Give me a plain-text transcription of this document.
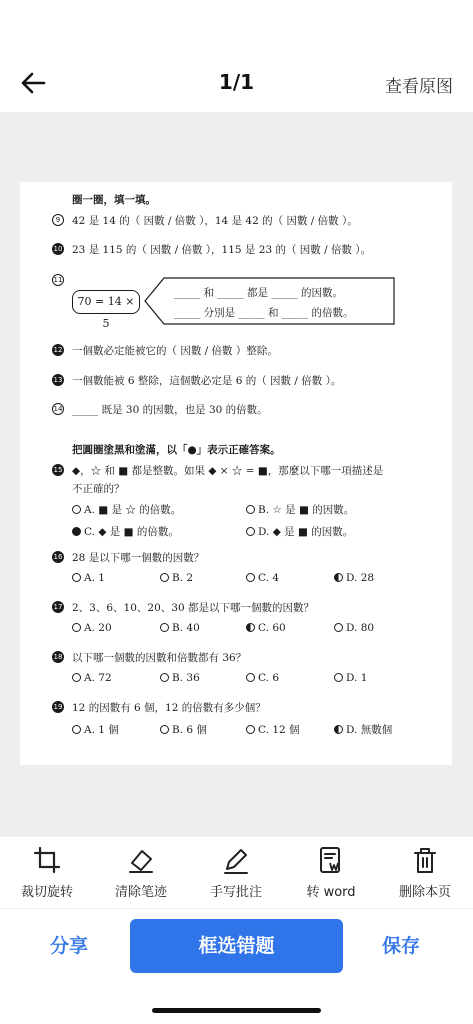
1/1	查看原图
圈一圈，填一填。
9	42 是 14 的（ 因數 / 倍數 ），14 是 42 的（ 因數 / 倍數 ）。
10 23 是 115 的（ 因數 / 倍數 ），115 是 23 的（ 因數 / 倍數 ）。
11
70 = 14 × 5
_____ 和 _____ 都是 _____ 的因數。
_____ 分別是 _____ 和 _____ 的倍數。
12 一個數必定能被它的（ 因數 / 倍數 ）整除。
13 一個數能被 6 整除，這個數必定是 6 的（ 因數 / 倍數 ）。
14 _____ 既是 30 的因數，也是 30 的倍數。
把圓圈塗黑和塗滿，以「●」表示正確答案。
15 ◆，☆ 和 ■ 都是整數。如果 ◆ × ☆ = ■，那麼以下哪一項描述是
不正確的？
A. ■ 是 ☆ 的倍數。	B. ☆ 是 ■ 的因數。
C. ◆ 是 ■ 的倍數。	D. ◆ 是 ■ 的因數。
16 28 是以下哪一個數的因數？
A. 1	B. 2	C. 4	D. 28
17 2、3、6、10、20、30 都是以下哪一個數的因數？
A. 20	B. 40	C. 60	D. 80
18 以下哪一個數的因數和倍數都有 36？
A. 72	B. 36	C. 6	D. 1
19 12 的因數有 6 個，12 的倍數有多少個？
A. 1 個	B. 6 個	C. 12 個	D. 無數個
裁切旋转	清除笔迹	手写批注	转 word	删除本页
分享	框选错题	保存
